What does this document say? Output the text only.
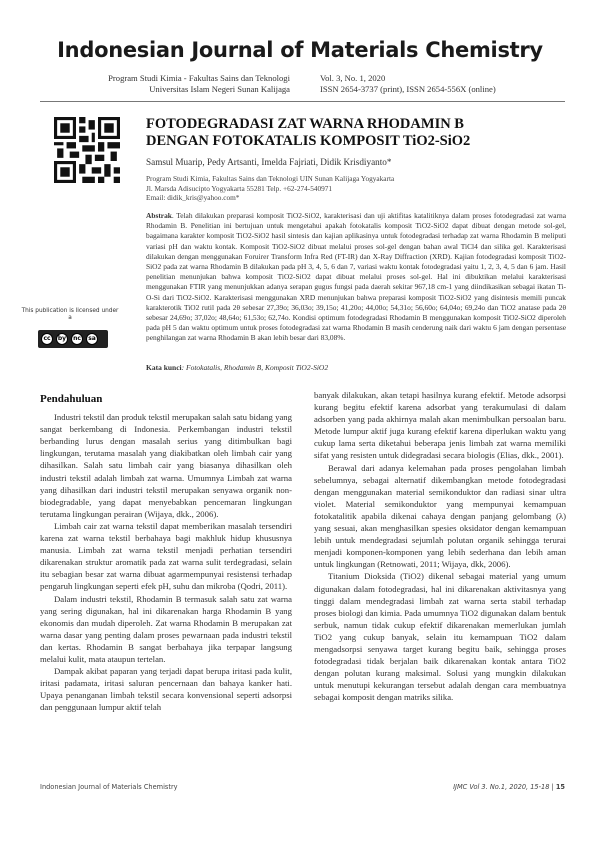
Indonesian Journal of Materials Chemistry
Program Studi Kimia - Fakultas Sains dan Teknologi
Universitas Islam Negeri Sunan Kalijaga
Vol. 3, No. 1, 2020
ISSN 2654-3737 (print), ISSN 2654-556X (online)
FOTODEGRADASI ZAT WARNA RHODAMIN B
DENGAN FOTOKATALIS KOMPOSIT TiO2-SiO2
Samsul Muarip, Pedy Artsanti, Imelda Fajriati, Didik Krisdiyanto*
Program Studi Kimia, Fakultas Sains dan Teknologi UIN Sunan Kalijaga Yogyakarta
Jl. Marsda Adisucipto Yogyakarta 55281 Telp. +62-274-540971
Email: didik_kris@yahoo.com*
Abstrak. Telah dilakukan preparasi komposit TiO2-SiO2, karakterisasi dan uji aktifitas katalitiknya dalam proses fotodegradasi zat warna Rhodamin B. Penelitian ini bertujuan untuk mengetahui apakah fotokatalis komposit TiO2-SiO2 dapat dibuat dengan metode sol-gel, bagaimana karakter komposit TiO2-SiO2 hasil sintesis dan kajian aplikasinya untuk fotodegradasi terhadap zat warna Rhodamin B meliputi variasi pH dan waktu kontak. Komposit TiO2-SiO2 dibuat melalui proses sol-gel dengan bahan awal TiCl4 dan silika gel. Karakterisasi dilakukan dengan menggunakan Foruirer Transform Infra Red (FT-IR) dan X-Ray Diffraction (XRD). Kajian fotodegradasi komposit TiO2-SiO2 pada zat warna Rhodamin B dilakukan pada pH 3, 4, 5, 6 dan 7, variasi waktu kontak fotodegradasi yaitu 1, 2, 3, 4, 5 dan 6 jam. Hasil penelitian menunjukan bahwa komposit TiO2-SiO2 dapat dibuat melalui proses sol-gel. Hal ini dibuktikan melalui karakterisasi menggunakan FTIR yang menunjukkan adanya serapan gugus fungsi pada daerah sekitar 967,18 cm-1 yang diindikasikan sebagai ikatan Ti-O-Si dari TiO2-SiO2. Karakterisasi menggunakan XRD menunjukan bahwa preparasi komposit TiO2-SiO2 yang disintesis memili puncak karakterotik TiO2 rutil pada 2θ sebesar 27,39o; 36,03o; 39,15o; 41,20o; 44,00o; 54,31o; 56,60o; 64,04o; 69,24o dan TiO2 anatase pada 2θ sebesar 24,69o; 37,02o; 48,64o; 61,53o; 62,74o. Kondisi optimum fotodegradasi Rhodamin B menggunakan komposit TiO2-SiO2 diperoleh pada pH 5 dan waktu optimum untuk proses fotodegradasi zat warna Rhodamin B masih cenderung naik dari waktu 6 jam dengan persentase penghilangan zat warna Rhodamin B akan lebih besar dari 83,08%.
Kata kunci: Fotokatalis, Rhodamin B, Komposit TiO2-SiO2
This publication is licensed under a
cc	by	nc	sa
Pendahuluan

Industri tekstil dan produk tekstil merupakan salah satu bidang yang sangat berkembang di Indonesia. Perkembangan industri tekstil berbanding lurus dengan masalah serius yang ditimbulkan bagi lingkungan, terutama masalah yang diakibatkan oleh limbah cair yang dihasilkan. Salah satu limbah cair yang biasanya dihasilkan oleh industri tekstil adalah limbah zat warna. Umumnya Limbah zat warna yang dihasilkan dari industri tekstil merupakan senyawa organik non-biodegradable, yang dapat menyebabkan pencemaran lingkungan terutama lingkungan perairan (Wijaya, dkk., 2006).

Limbah cair zat warna tekstil dapat memberikan masalah tersendiri karena zat warna tekstil berbahaya bagi makhluk hidup khususnya manusia. Limbah zat warna tekstil menjadi perhatian tersendiri dikarenakan struktur aromatik pada zat warna sulit terdegradasi, selain itu sebagian besar zat warna dibuat agarmempunyai resistensi terhadap pengaruh lingkungan seperti efek pH, suhu dan mikroba (Qodri, 2011).

Dalam industri tekstil, Rhodamin B termasuk salah satu zat warna yang sering digunakan, hal ini dikarenakan harga Rhodamin B yang ekonomis dan mudah diperoleh. Zat warna Rhodamin B merupakan zat warna dasar yang penting dalam proses pewarnaan pada industri tekstil dan kertas. Rhodamin B sangat berbahaya jika terpapar langsung melalui kulit, mata ataupun tertelan.

Dampak akibat paparan yang terjadi dapat berupa iritasi pada kulit, iritasi padamata, iritasi saluran pencernaan dan bahaya kanker hati. Upaya penanganan limbah tekstil secara konvensional seperti adsorpsi dan penggunaan lumpur aktif telah

banyak dilakukan, akan tetapi hasilnya kurang efektif. Metode adsorpsi kurang begitu efektif karena adsorbat yang terakumulasi di dalam adsorben yang pada akhirnya malah akan menimbulkan persoalan baru. Metode lumpur aktif juga kurang efektif karena diperlukan waktu yang cukup lama serta diketahui beberapa jenis limbah zat warna memiliki sifat yang resisten untuk didegradasi secara biologis (Elias, dkk., 2001).

Berawal dari adanya kelemahan pada proses pengolahan limbah sebelumnya, sebagai alternatif dikembangkan metode fotodegradasi dengan menggunakan material semikonduktor dan radiasi sinar ultra violet. Material semikonduktor yang mempunyai kemampuan fotokatalitik apabila dikenai cahaya dengan panjang gelombang (λ) yang sesuai, akan menghasilkan spesies oksidator dengan kemampuan lebih untuk mendegradasi sejumlah polutan organik sehingga terurai menjadi komponen-komponen yang lebih sederhana dan lebih aman untuk lingkungan (Retnowati, 2011; Wijaya, dkk, 2006).

Titanium Dioksida (TiO2) dikenal sebagai material yang umum digunakan dalam fotodegradasi, hal ini dikarenakan aktivitasnya yang tinggi dalam mendegradasi limbah zat warna serta stabil terhadap proses biologi dan kimia. Pada umumnya TiO2 digunakan dalam bentuk serbuk, namun tidak cukup efektif dikarenakan memerlukan jumlah TiO2 yang cukup banyak, selain itu kemampuan TiO2 dalam mengadsorpsi senyawa target kurang begitu baik, sehingga proses fotodegradasi tidak berjalan baik dikarenakan kontak antara TiO2 dengan polutan kurang maksimal. Solusi yang mungkin dilakukan untuk menutupi kekurangan tersebut adalah dengan cara membuatnya sebagai komposit dengan matriks silika.

Indonesian Journal of Materials Chemistry	IJMC Vol 3. No.1, 2020, 15-18 | 15
